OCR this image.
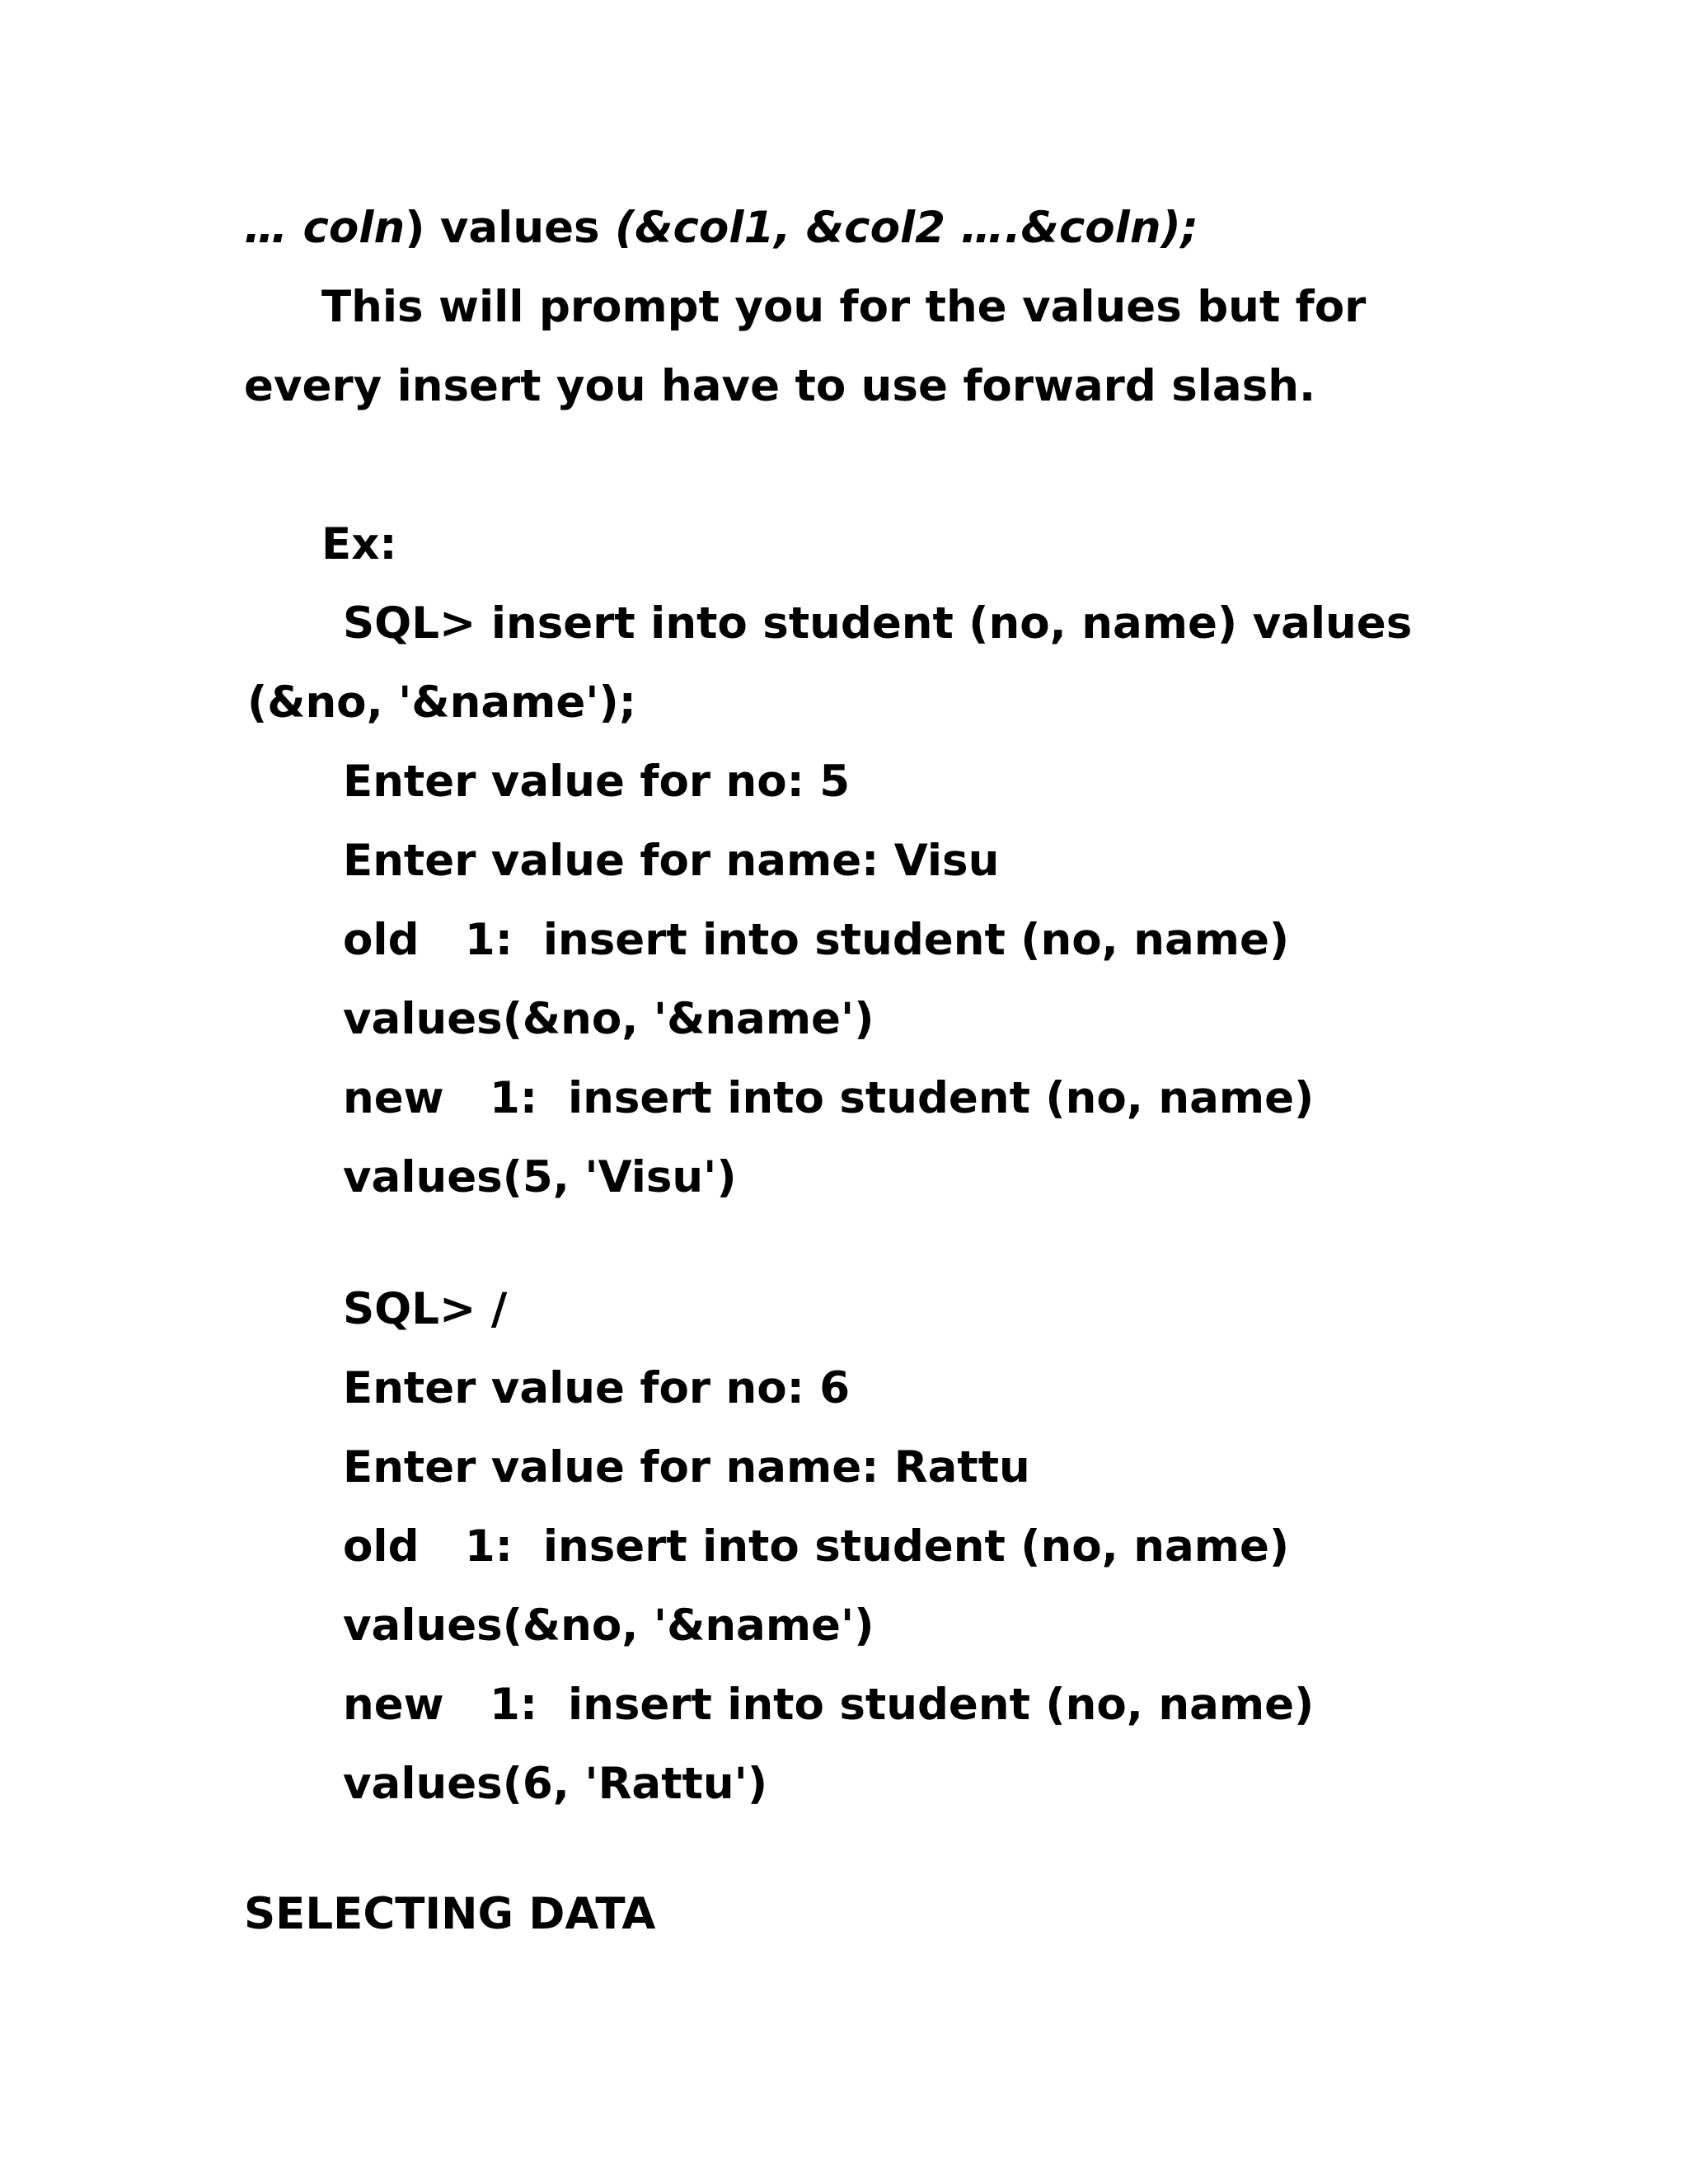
… coln) values (&col1, &col2 ….&coln);

This will prompt you for the values but for

every insert you have to use forward slash.

Ex:

SQL> insert into student (no, name) values

(&no, '&name');

Enter value for no: 5

Enter value for name: Visu

old   1:  insert into student (no, name)

values(&no, '&name')

new   1:  insert into student (no, name)

values(5, 'Visu')

SQL> /

Enter value for no: 6

Enter value for name: Rattu

old   1:  insert into student (no, name)

values(&no, '&name')

new   1:  insert into student (no, name)

values(6, 'Rattu')

SELECTING DATA
